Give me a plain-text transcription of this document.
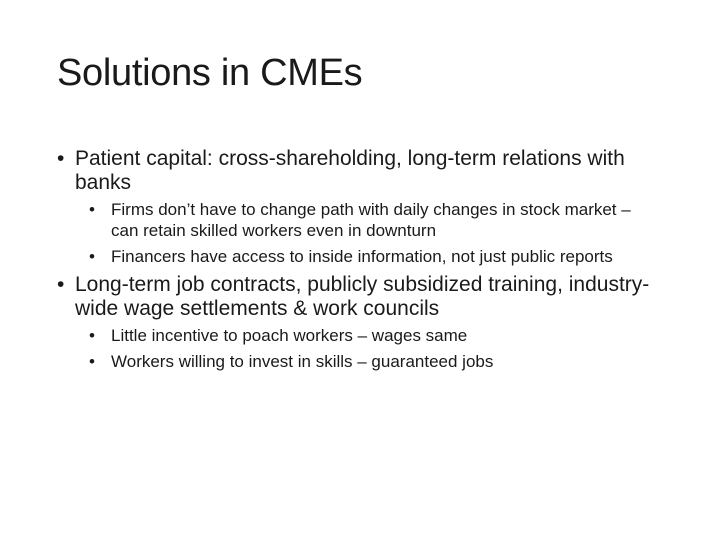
Solutions in CMEs
• Patient capital: cross-shareholding, long-term relations with banks
• Firms don’t have to change path with daily changes in stock market – can retain skilled workers even in downturn
• Financers have access to inside information, not just public reports
• Long-term job contracts, publicly subsidized training, industry-wide wage settlements & work councils
• Little incentive to poach workers – wages same
• Workers willing to invest in skills – guaranteed jobs
